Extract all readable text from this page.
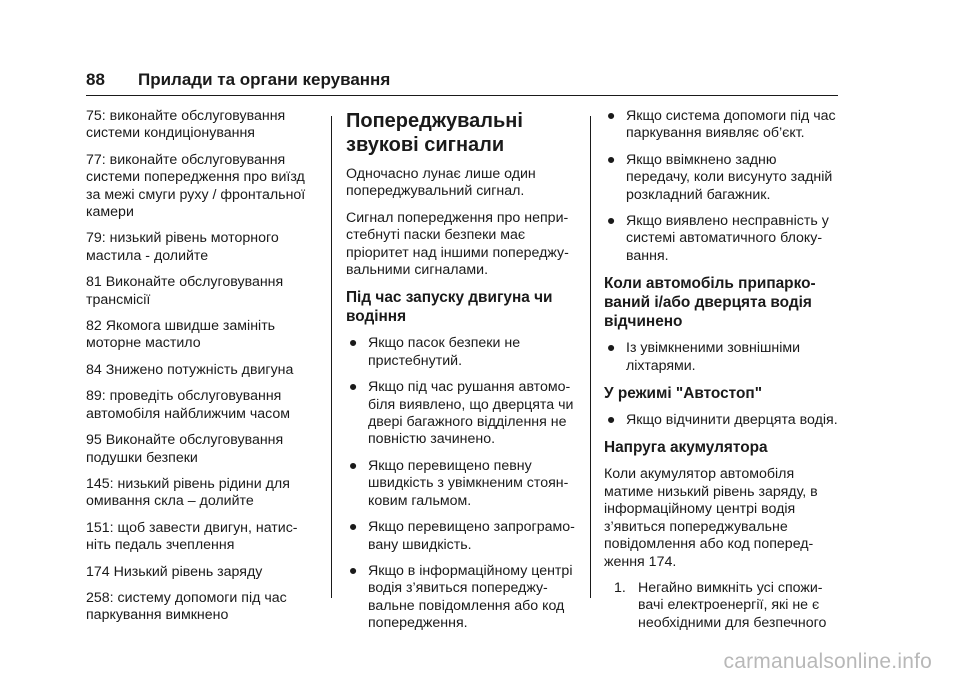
88 Прилади та органи керування

75: виконайте обслуговування системи кондиціонування

77: виконайте обслуговування системи попередження про виїзд за межі смуги руху / фронтальної камери

79: низький рівень моторного мастила - долийте

81 Виконайте обслуговування трансмісії

82 Якомога швидше замініть моторне мастило

84 Знижено потужність двигуна

89: проведіть обслуговування автомобіля найближчим часом

95 Виконайте обслуговування подушки безпеки

145: низький рівень рідини для омивання скла – долийте

151: щоб завести двигун, натис- ніть педаль зчеплення

174 Низький рівень заряду

258: систему допомоги під час паркування вимкнено

Попереджувальні звукові сигнали

Одночасно лунає лише один попереджувальний сигнал.

Сигнал попередження про непри- стебнуті паски безпеки має пріоритет над іншими попереджу- вальними сигналами.

Під час запуску двигуна чи водіння
● Якщо пасок безпеки не пристебнутий.
● Якщо під час рушання автомо- біля виявлено, що дверцята чи двері багажного відділення не повністю зачинено.
● Якщо перевищено певну швидкість з увімкненим стоян- ковим гальмом.
● Якщо перевищено запрограмо- вану швидкість.
● Якщо в інформаційному центрі водія з’явиться попереджу- вальне повідомлення або код попередження.
● Якщо система допомоги під час паркування виявляє об’єкт.
● Якщо ввімкнено задню передачу, коли висунуто задній розкладний багажник.
● Якщо виявлено несправність у системі автоматичного блоку- вання.
Коли автомобіль припарко- ваний і/або дверцята водія відчинено
● Із увімкненими зовнішніми ліхтарями.
У режимі "Автостоп"
● Якщо відчинити дверцята водія.
Напруга акумулятора

Коли акумулятор автомобіля матиме низький рівень заряду, в інформаційному центрі водія з’явиться попереджувальне повідомлення або код поперед- ження 174.

1. Негайно вимкніть усі спожи- вачі електроенергії, які не є необхідними для безпечного
carmanualsonline.info
